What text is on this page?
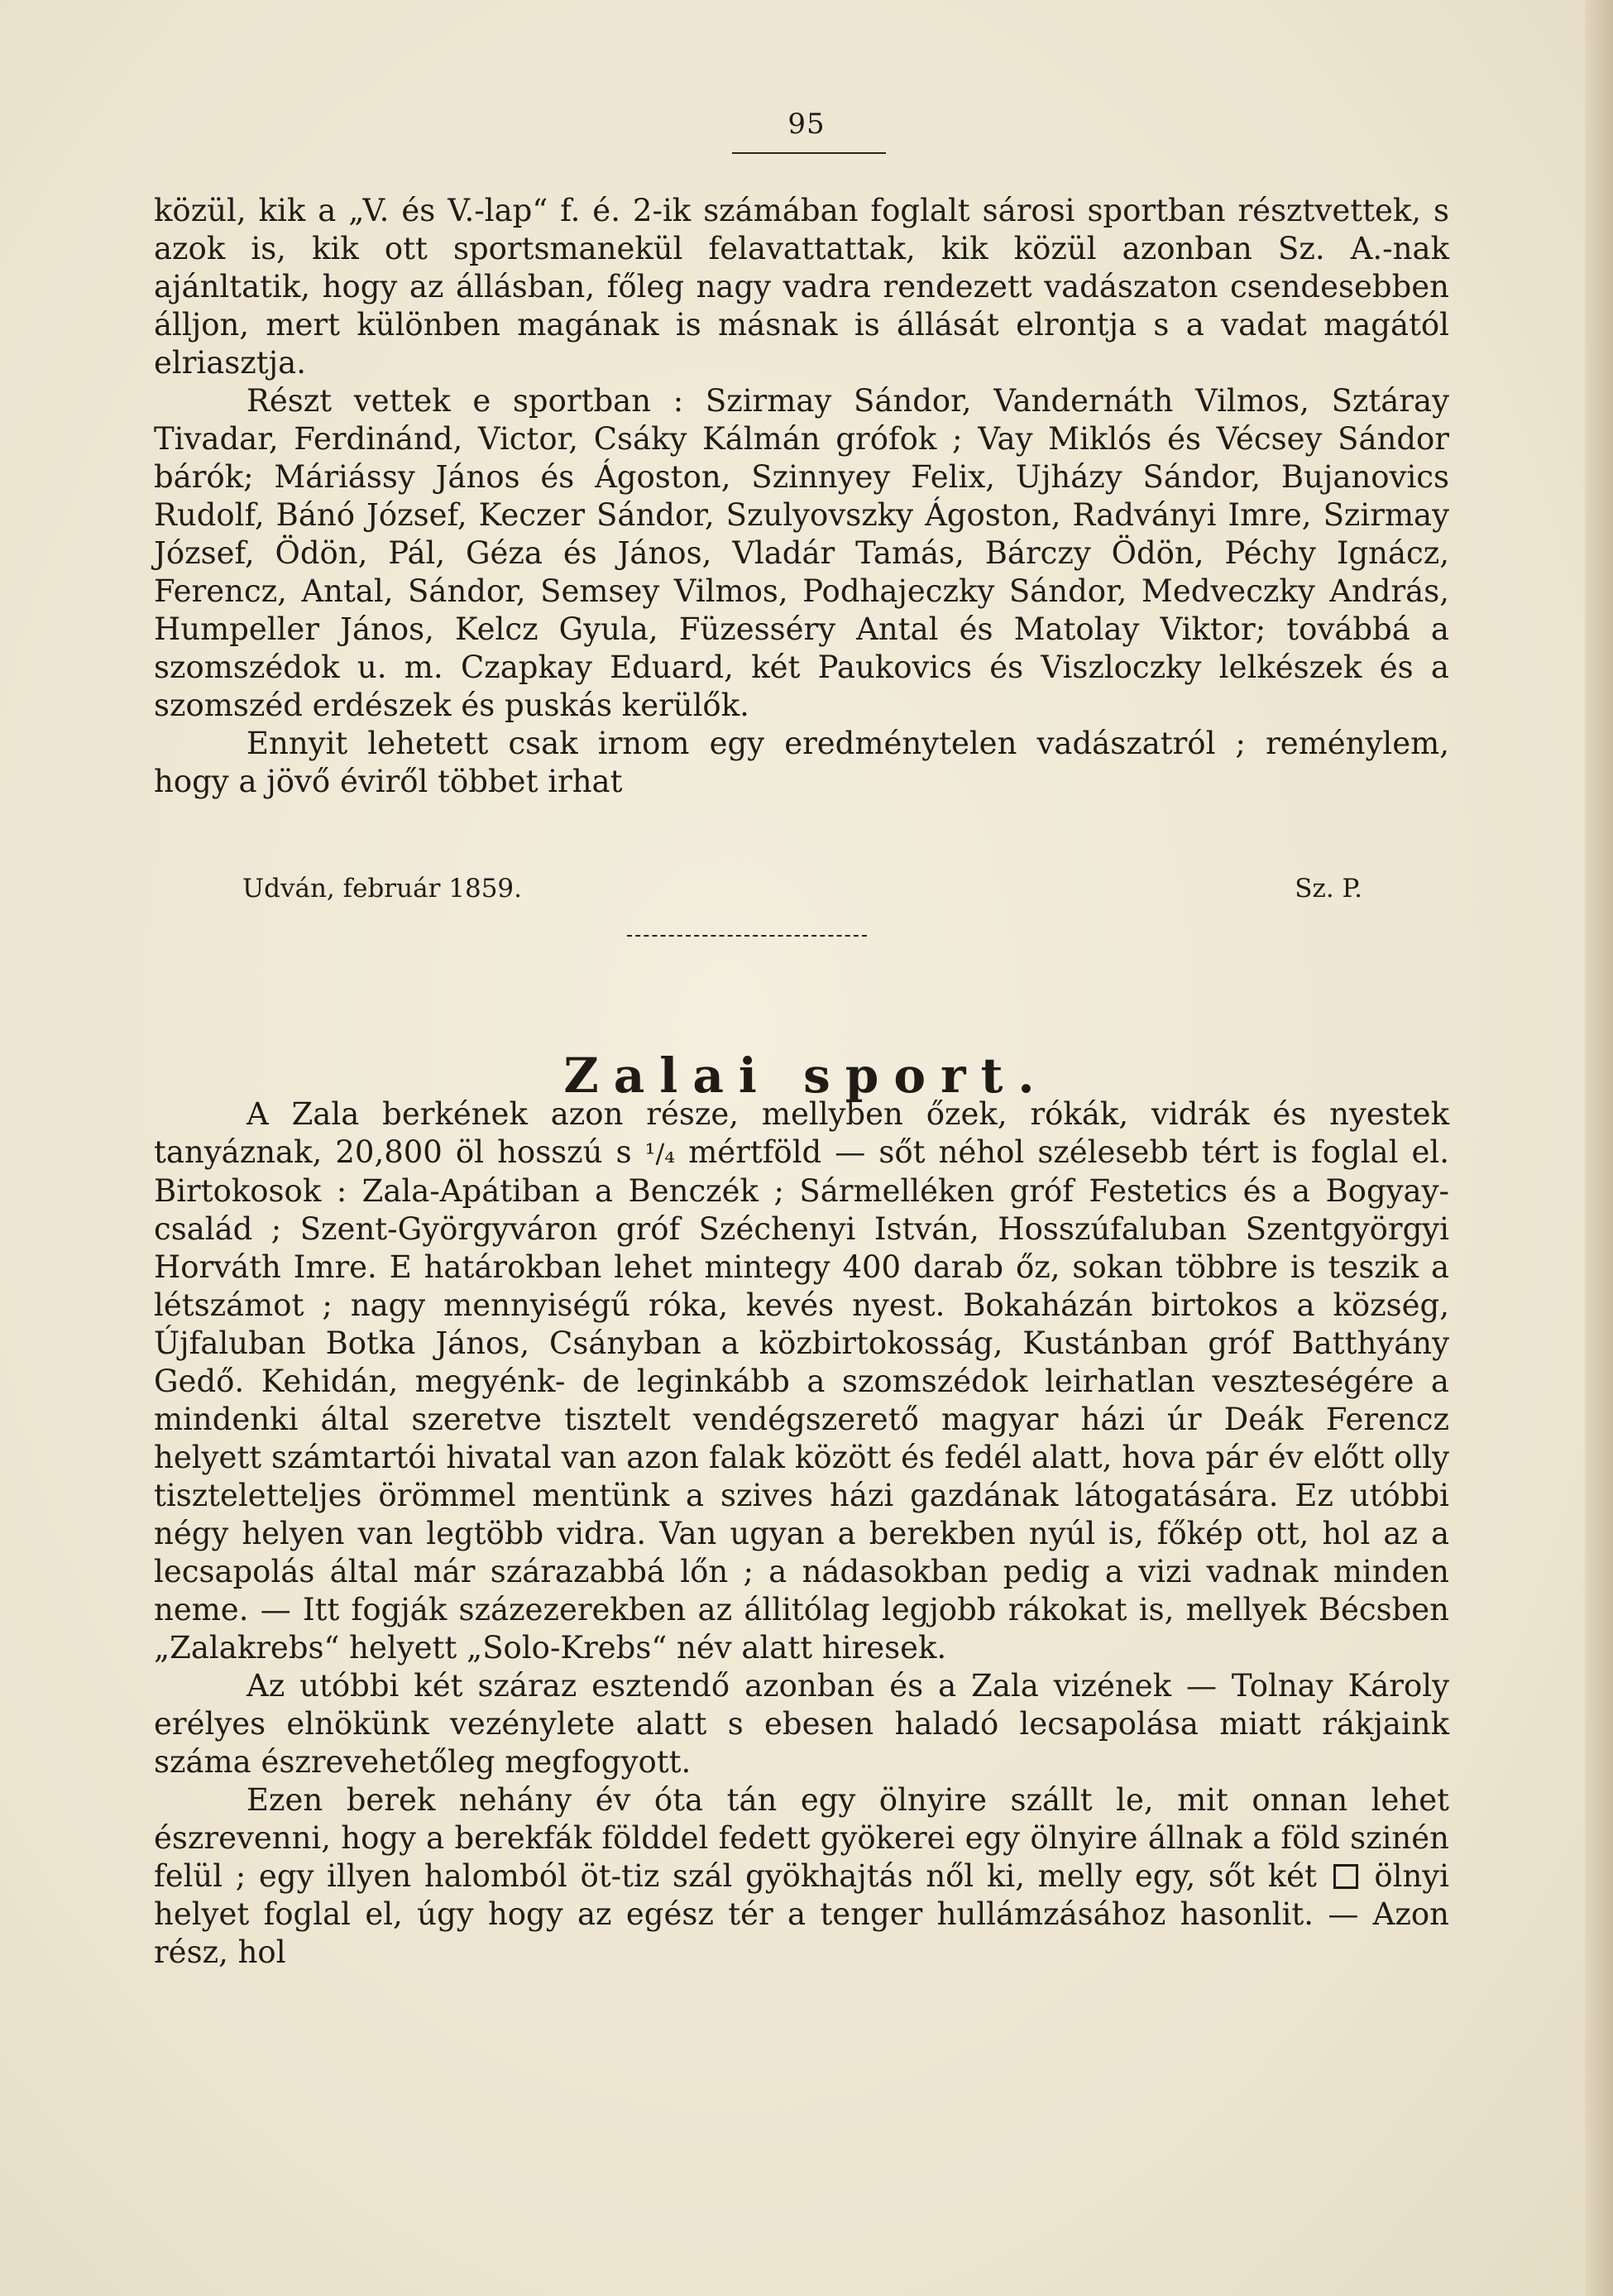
95

közül, kik a „V. és V.-lap“ f. é. 2-ik számában foglalt sárosi sportban résztvettek, s azok is, kik ott sportsmanekül felavattattak, kik közül azonban Sz. A.-nak ajánltatik, hogy az állásban, főleg nagy vadra rendezett vadászaton csendesebben álljon, mert különben magának is másnak is állását elrontja s a vadat magától elriasztja.

Részt vettek e sportban : Szirmay Sándor, Vandernáth Vilmos, Sztáray Tivadar, Ferdinánd, Victor, Csáky Kálmán grófok ; Vay Miklós és Vécsey Sándor bárók; Máriássy János és Ágoston, Szinnyey Felix, Ujházy Sándor, Bujanovics Rudolf, Bánó József, Keczer Sándor, Szulyovszky Ágoston, Radványi Imre, Szirmay József, Ödön, Pál, Géza és János, Vladár Tamás, Bárczy Ödön, Péchy Ignácz, Ferencz, Antal, Sándor, Semsey Vilmos, Podhajeczky Sándor, Medveczky András, Humpeller János, Kelcz Gyula, Füzesséry Antal és Matolay Viktor; továbbá a szomszédok u. m. Czapkay Eduard, két Paukovics és Viszloczky lelkészek és a szomszéd erdészek és puskás kerülők.

Ennyit lehetett csak irnom egy eredménytelen vadászatról ; reménylem, hogy a jövő éviről többet irhat

Udván, február 1859.	Sz. P.
Zalai sport.

A Zala berkének azon része, mellyben őzek, rókák, vidrák és nyestek tanyáznak, 20,800 öl hosszú s ¹/₄ mértföld — sőt néhol szélesebb tért is foglal el. Birtokosok : Zala-Apátiban a Benczék ; Sármelléken gróf Festetics és a Bogyay-család ; Szent-Györgyváron gróf Széchenyi István, Hosszúfaluban Szentgyörgyi Horváth Imre. E határokban lehet mintegy 400 darab őz, sokan többre is teszik a létszámot ; nagy mennyiségű róka, kevés nyest. Bokaházán birtokos a község, Újfaluban Botka János, Csányban a közbirtokosság, Kustánban gróf Batthyány Gedő. Kehidán, megyénk- de leginkább a szomszédok leirhatlan veszteségére a mindenki által szeretve tisztelt vendégszerető magyar házi úr Deák Ferencz helyett számtartói hivatal van azon falak között és fedél alatt, hova pár év előtt olly tiszteletteljes örömmel mentünk a szives házi gazdának látogatására. Ez utóbbi négy helyen van legtöbb vidra. Van ugyan a berekben nyúl is, főkép ott, hol az a lecsapolás által már szárazabbá lőn ; a nádasokban pedig a vizi vadnak minden neme. — Itt fogják százezerekben az állitólag legjobb rákokat is, mellyek Bécsben „Zalakrebs“ helyett „Solo-Krebs“ név alatt hiresek.

Az utóbbi két száraz esztendő azonban és a Zala vizének — Tolnay Károly erélyes elnökünk vezénylete alatt s ebesen haladó lecsapolása miatt rákjaink száma észrevehetőleg megfogyott.

Ezen berek nehány év óta tán egy ölnyire szállt le, mit onnan lehet észrevenni, hogy a berekfák földdel fedett gyökerei egy ölnyire állnak a föld szinén felül ; egy illyen halomból öt-tiz szál gyökhajtás nől ki, melly egy, sőt két ölnyi helyet foglal el, úgy hogy az egész tér a tenger hullámzásához hasonlit. — Azon rész, hol
